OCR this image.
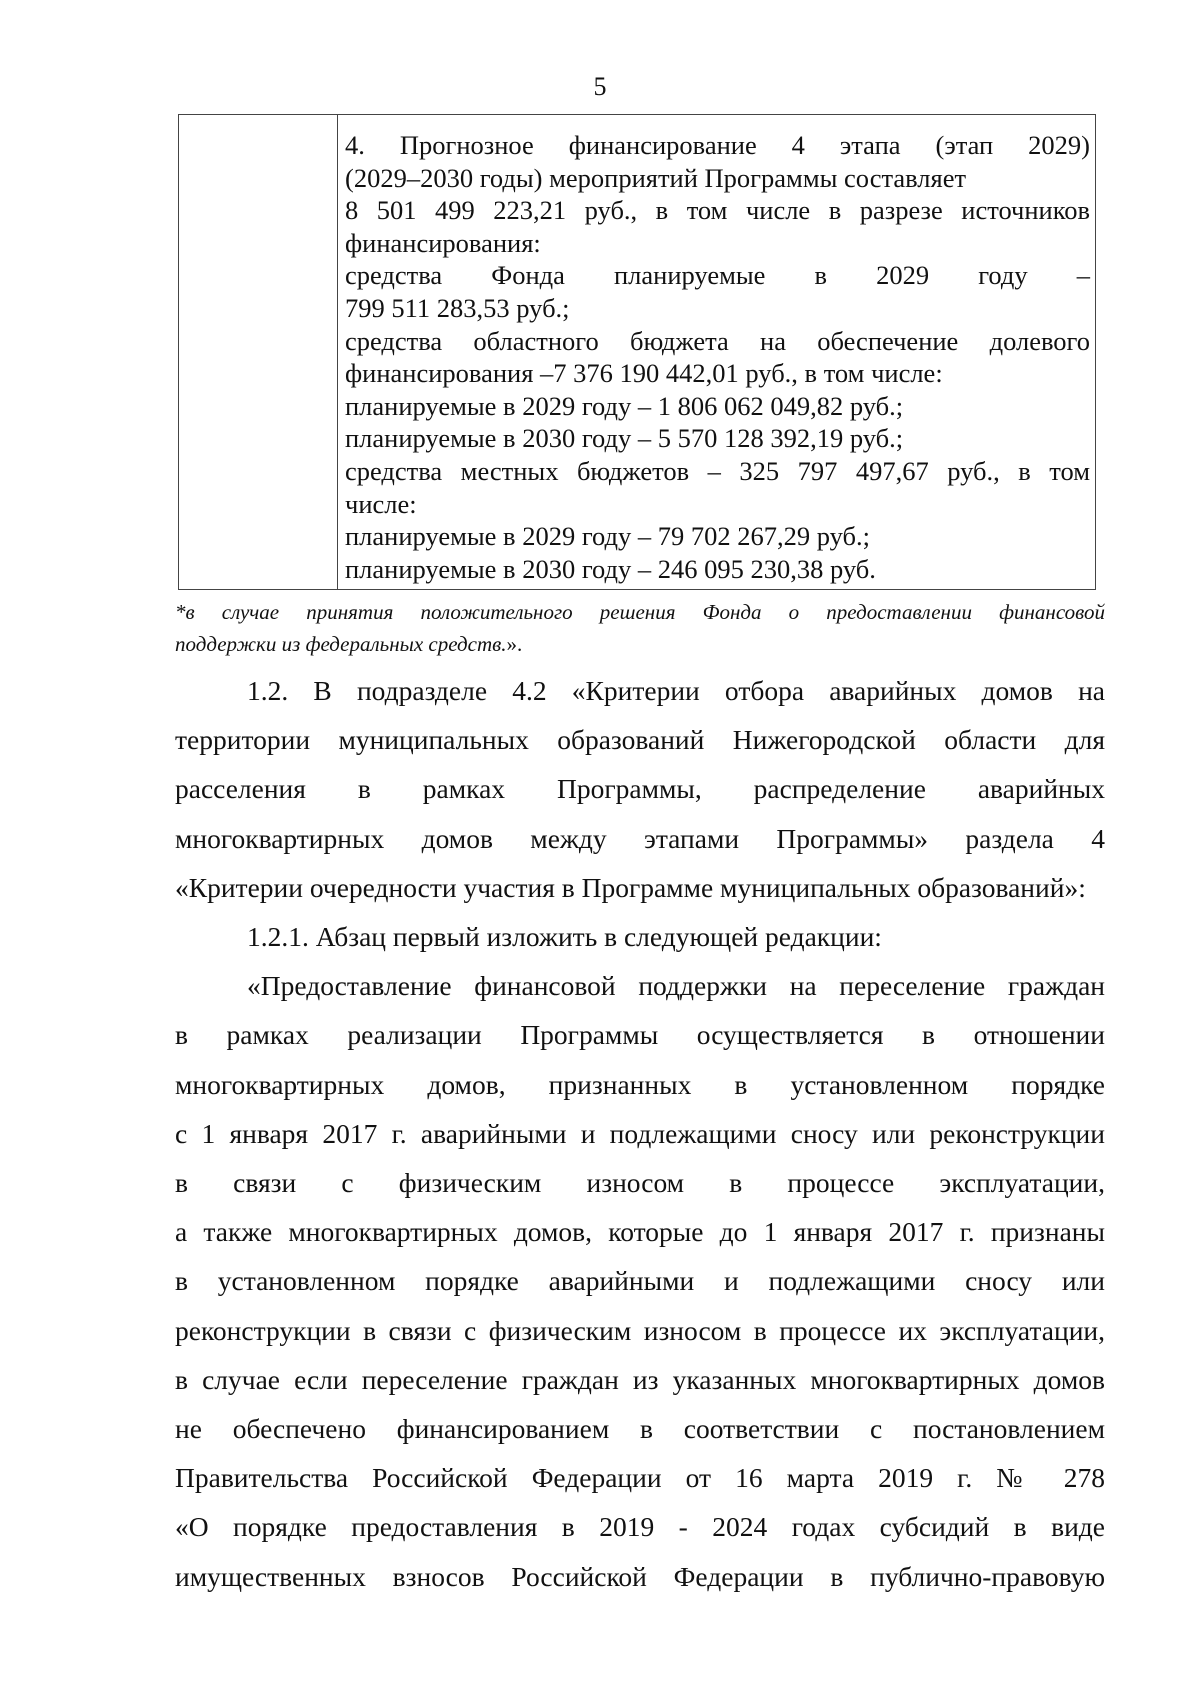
5

4. Прогнозное финансирование 4 этапа (этап 2029)
(2029–2030 годы) мероприятий Программы составляет
8 501 499 223,21 руб., в том числе в разрезе источников
финансирования:
средства Фонда планируемые в 2029 году –
799 511 283,53 руб.;
средства областного бюджета на обеспечение долевого
финансирования –7 376 190 442,01 руб., в том числе:
планируемые в 2029 году – 1 806 062 049,82 руб.;
планируемые в 2030 году – 5 570 128 392,19 руб.;
средства местных бюджетов – 325 797 497,67 руб., в том
числе:
планируемые в 2029 году – 79 702 267,29 руб.;
планируемые в 2030 году – 246 095 230,38 руб.
*в случае принятия положительного решения Фонда о предоставлении финансовой
поддержки из федеральных средств.».
1.2. В подразделе 4.2 «Критерии отбора аварийных домов на
территории муниципальных образований Нижегородской области для
расселения в рамках Программы, распределение аварийных
многоквартирных домов между этапами Программы» раздела 4
«Критерии очередности участия в Программе муниципальных образований»:
1.2.1. Абзац первый изложить в следующей редакции:
«Предоставление финансовой поддержки на переселение граждан
в рамках реализации Программы осуществляется в отношении
многоквартирных домов, признанных в установленном порядке
с 1 января 2017 г. аварийными и подлежащими сносу или реконструкции
в связи с физическим износом в процессе эксплуатации,
а также многоквартирных домов, которые до 1 января 2017 г. признаны
в установленном порядке аварийными и подлежащими сносу или
реконструкции в связи с физическим износом в процессе их эксплуатации,
в случае если переселение граждан из указанных многоквартирных домов
не обеспечено финансированием в соответствии с постановлением
Правительства Российской Федерации от 16 марта 2019 г. № 278
«О порядке предоставления в 2019 - 2024 годах субсидий в виде
имущественных взносов Российской Федерации в публично-правовую
